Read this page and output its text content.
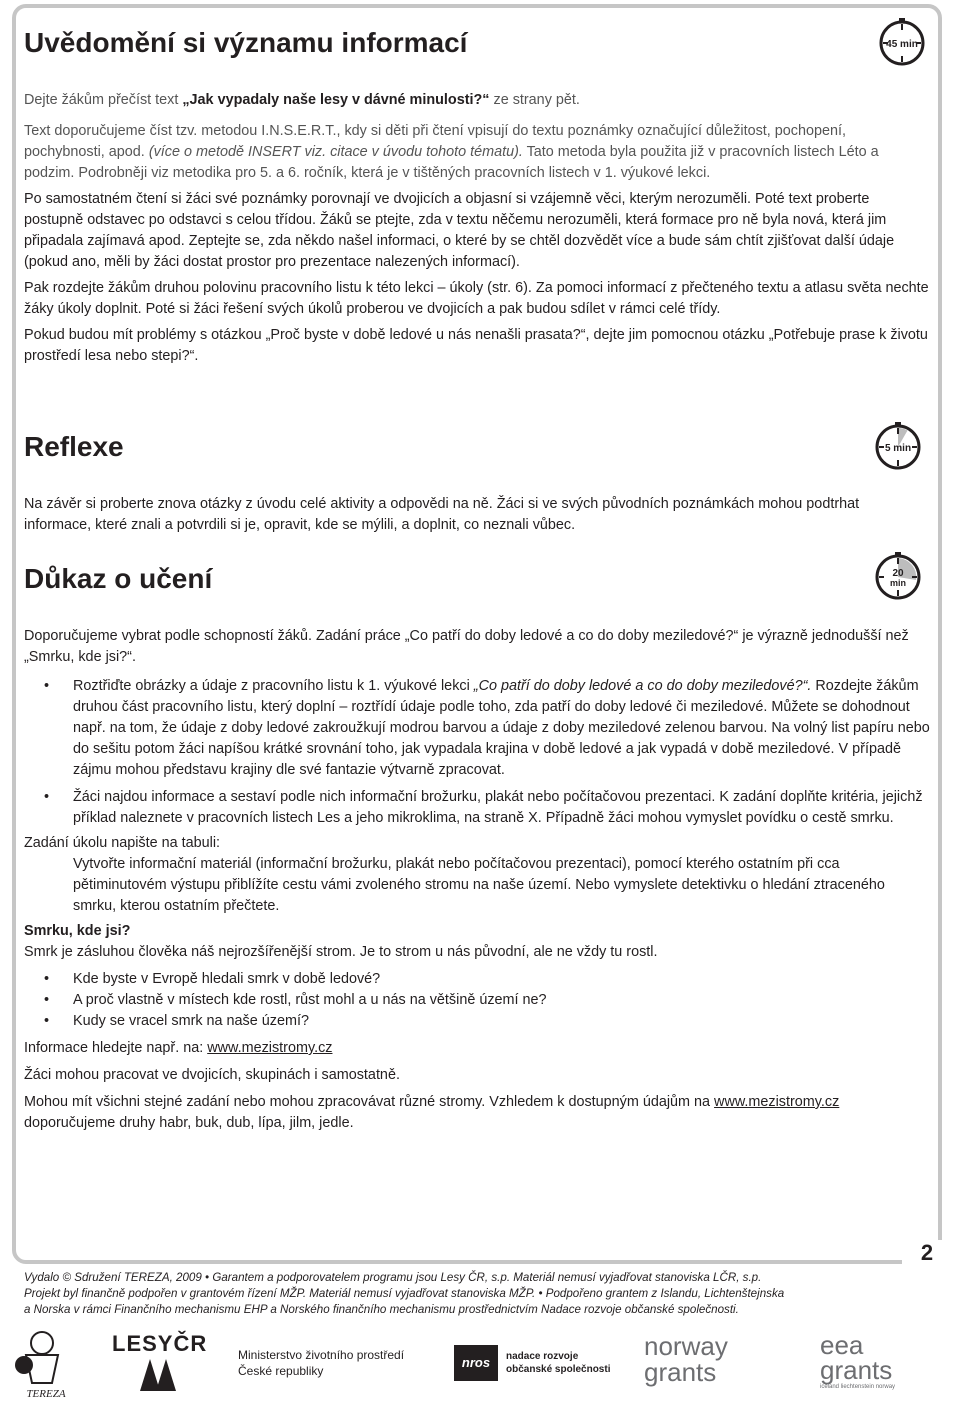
Uvědomění si významu informací	45 min

Dejte žákům přečíst text „Jak vypadaly naše lesy v dávné minulosti?“ ze strany pět.

Text doporučujeme číst tzv. metodou I.N.S.E.R.T., kdy si děti při čtení vpisují do textu poznámky označující důležitost, pochopení, pochybnosti, apod. (více o metodě INSERT viz. citace v úvodu tohoto tématu). Tato metoda byla použita již v pracovních listech Léto a podzim. Podrobněji viz metodika pro 5. a 6. ročník, která je v tištěných pracovních listech v 1. výukové lekci.

Po samostatném čtení si žáci své poznámky porovnají ve dvojicích a objasní si vzájemně věci, kterým nerozuměli. Poté text proberte postupně odstavec po odstavci s celou třídou. Žáků se ptejte, zda v textu něčemu nerozuměli, která formace pro ně byla nová, která jim připadala zajímavá apod. Zeptejte se, zda někdo našel informaci, o které by se chtěl dozvědět více a bude sám chtít zjišťovat další údaje (pokud ano, měli by žáci dostat prostor pro prezentace nalezených informací).

Pak rozdejte žákům druhou polovinu pracovního listu k této lekci – úkoly (str. 6). Za pomoci informací z přečteného textu a atlasu světa nechte žáky úkoly doplnit. Poté si žáci řešení svých úkolů proberou ve dvojicích a pak budou sdílet v rámci celé třídy.

Pokud budou mít problémy s otázkou „Proč byste v době ledové u nás nenašli prasata?“, dejte jim pomocnou otázku „Potřebuje prase k životu prostředí lesa nebo stepi?“.

Reflexe	5 min

Na závěr si proberte znova otázky z úvodu celé aktivity a odpovědi na ně. Žáci si ve svých původních poznámkách mohou podtrhat informace, které znali a potvrdili si je, opravit, kde se mýlili, a doplnit, co neznali vůbec.

Důkaz o učení	20
min

Doporučujeme vybrat podle schopností žáků. Zadání práce „Co patří do doby ledové a co do doby meziledové?“ je výrazně jednodušší než „Smrku, kde jsi?“.

• Roztřiďte obrázky a údaje z pracovního listu k 1. výukové lekci „Co patří do doby ledové a co do doby meziledové?“. Rozdejte žákům druhou část pracovního listu, který doplní – roztřídí údaje podle toho, zda patří do doby ledové či meziledové. Můžete se dohodnout např. na tom, že údaje z doby ledové zakroužkují modrou barvou a údaje z doby meziledové zelenou barvou. Na volný list papíru nebo do sešitu potom žáci napíšou krátké srovnání toho, jak vypadala krajina v době ledové a jak vypadá v době meziledové. V případě zájmu mohou představu krajiny dle své fantazie výtvarně zpracovat.

• Žáci najdou informace a sestaví podle nich informační brožurku, plakát nebo počítačovou prezentaci. K zadání doplňte kritéria, jejichž příklad naleznete v pracovních listech Les a jeho mikroklima, na straně X. Případně žáci mohou vymyslet povídku o cestě smrku.

Zadání úkolu napište na tabuli:

Vytvořte informační materiál (informační brožurku, plakát nebo počítačovou prezentaci), pomocí kterého ostatním při cca pětiminutovém výstupu přiblížíte cestu vámi zvoleného stromu na naše území. Nebo vymyslete detektivku o hledání ztraceného smrku, kterou ostatním přečtete.

Smrku, kde jsi?

Smrk je zásluhou člověka náš nejrozšířenější strom. Je to strom u nás původní, ale ne vždy tu rostl.

• Kde byste v Evropě hledali smrk v době ledové?

• A proč vlastně v místech kde rostl, růst mohl a u nás na většině území ne?

• Kudy se vracel smrk na naše území?

Informace hledejte např. na: www.mezistromy.cz

Žáci mohou pracovat ve dvojicích, skupinách i samostatně.

Mohou mít všichni stejné zadání nebo mohou zpracovávat různé stromy. Vzhledem k dostupným údajům na www.mezistromy.cz doporučujeme druhy habr, buk, dub, lípa, jilm, jedle.

2
Vydalo © Sdružení TEREZA, 2009 • Garantem a podporovatelem programu jsou Lesy ČR, s.p. Materiál nemusí vyjadřovat stanoviska LČR, s.p.
Projekt byl finančně podpořen v grantovém řízení MŽP. Materiál nemusí vyjadřovat stanoviska MŽP. • Podpořeno grantem z Islandu, Lichtenštejnska
a Norska v rámci Finančního mechanismu EHP a Norského finančního mechanismu prostřednictvím Nadace rozvoje občanské společnosti.
TEREZA
LESYČR	Ministerstvo životního prostředí
České republiky
nros	nadace rozvoje
občanské společnosti
norway
grants
eea
grants
iceland liechtenstein norway
